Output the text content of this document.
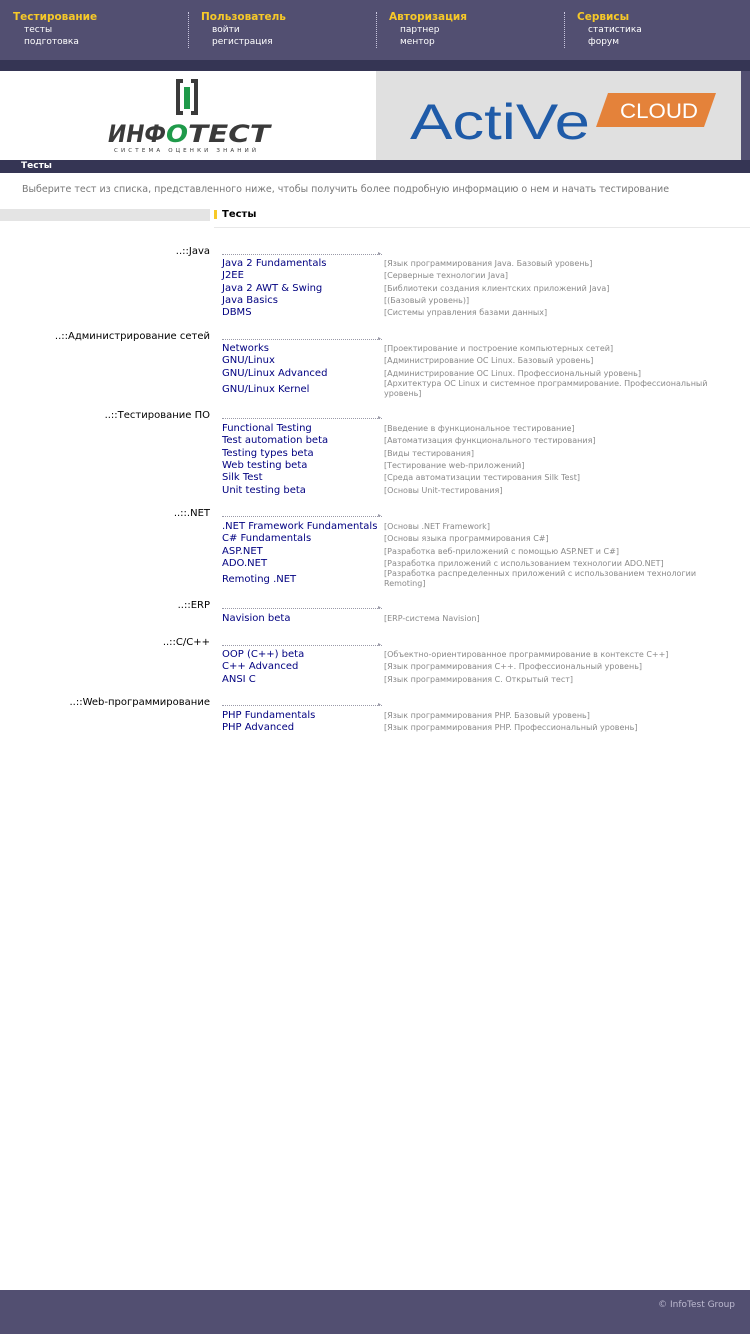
Тестирование
тесты
подготовка
Пользователь
войти
регистрация
Авторизация
партнер
ментор
Сервисы
статистика
форум
ИНФ О ТЕСТ
СИСТЕМА ОЦЕНКИ ЗНАНИЙ
ActiVe CLOUD
Тесты
Выберите тест из списка, представленного ниже, чтобы получить более подробную информацию о нем и начать тестирование
Тесты
..::Java	▸
Java 2 Fundamentals	[Язык программирования Java. Базовый уровень]
J2EE	[Серверные технологии Java]
Java 2 AWT & Swing	[Библиотеки создания клиентских приложений Java]
Java Basics	[(Базовый уровень)]
DBMS	[Системы управления базами данных]
..::Администрирование сетей	▸
Networks	[Проектирование и построение компьютерных сетей]
GNU/Linux	[Администрирование ОС Linux. Базовый уровень]
GNU/Linux Advanced	[Администрирование ОС Linux. Профессиональный уровень]
GNU/Linux Kernel
[Архитектура ОС Linux и системное программирование. Профессиональный уровень]
..::Тестирование ПО	▸
Functional Testing	[Введение в функциональное тестирование]
Test automation beta	[Автоматизация функционального тестирования]
Testing types beta	[Виды тестирования]
Web testing beta	[Тестирование web-приложений]
Silk Test	[Среда автоматизации тестирования Silk Test]
Unit testing beta	[Основы Unit-тестирования]
..::.NET	▸
.NET Framework Fundamentals [Основы .NET Framework]
C# Fundamentals	[Основы языка программирования C#]
ASP.NET	[Разработка веб-приложений с помощью ASP.NET и C#]
ADO.NET	[Разработка приложений с использованием технологии ADO.NET]
Remoting .NET
[Разработка распределенных приложений с использованием технологии Remoting]
..::ERP	▸
Navision beta	[ERP-система Navision]
..::C/C++	▸
OOP (C++) beta	[Объектно-ориентированное программирование в контексте C++]
C++ Advanced	[Язык программирования C++. Профессиональный уровень]
ANSI C	[Язык программирования C. Открытый тест]
..::Web-программирование	▸
PHP Fundamentals	[Язык программирования PHP. Базовый уровень]
PHP Advanced	[Язык программирования PHP. Профессиональный уровень]
© InfoTest Group
